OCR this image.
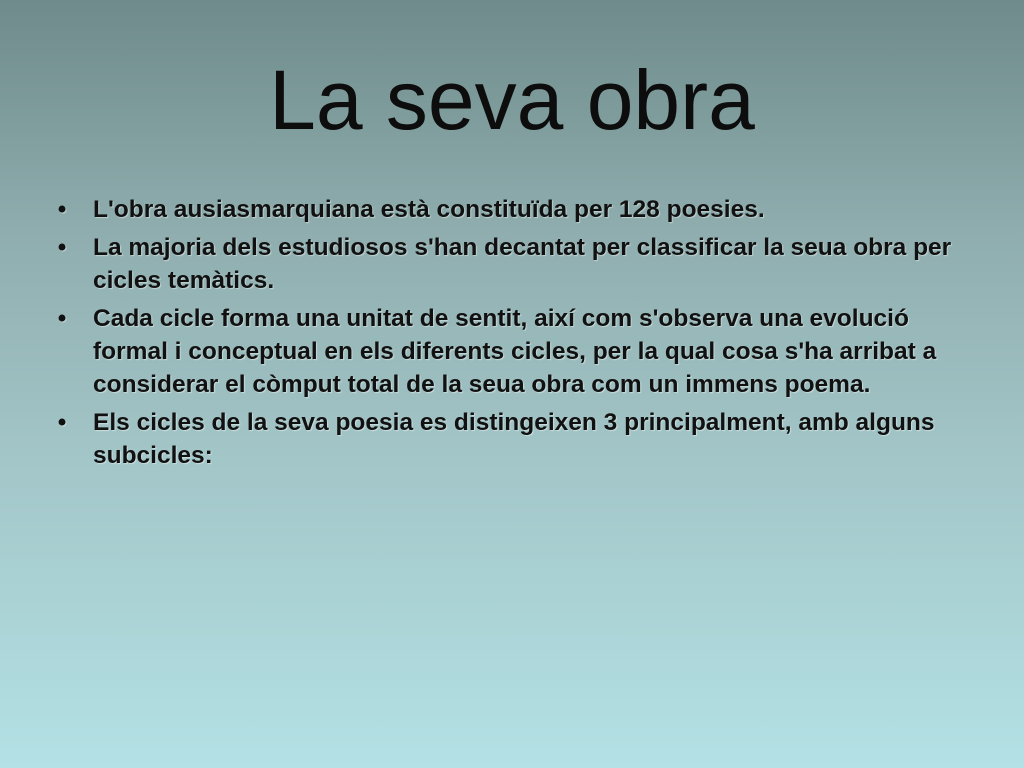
La seva obra
• L'obra ausiasmarquiana està constituïda per 128 poesies.
• La majoria dels estudiosos s'han decantat per classificar la seua obra per cicles temàtics.
• Cada cicle forma una unitat de sentit, així com s'observa una evolució formal i conceptual en els diferents cicles, per la qual cosa s'ha arribat a considerar el còmput total de la seua obra com un immens poema.
• Els cicles de la seva poesia es distingeixen 3 principalment, amb alguns subcicles:
